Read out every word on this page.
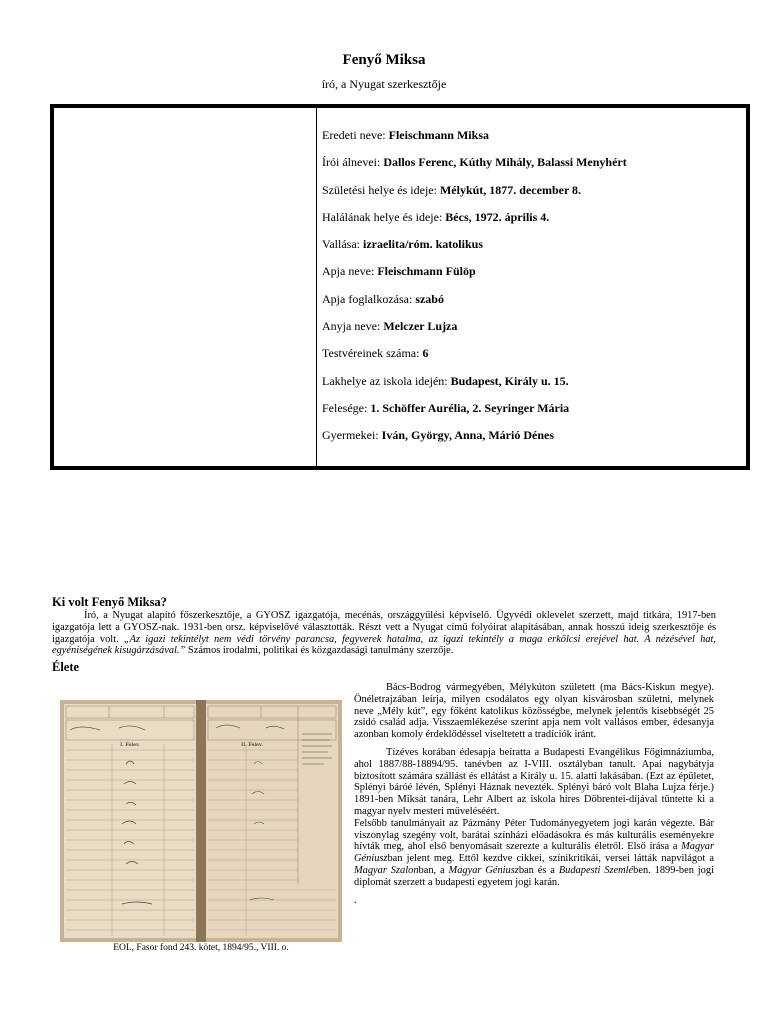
Fenyő Miksa
író, a Nyugat szerkesztője
Eredeti neve: Fleischmann Miksa
Írói álnevei: Dallos Ferenc, Kúthy Mihály, Balassi Menyhért
Születési helye és ideje: Mélykút, 1877. december 8.
Halálának helye és ideje: Bécs, 1972. április 4.
Vallása: izraelita/róm. katolikus
Apja neve: Fleischmann Fülöp
Apja foglalkozása: szabó
Anyja neve: Melczer Lujza
Testvéreinek száma: 6
Lakhelye az iskola idején: Budapest, Király u. 15.
Felesége: 1. Schöffer Aurélia, 2. Seyringer Mária
Gyermekei: Iván, György, Anna, Márió Dénes
Ki volt Fenyő Miksa?

Író, a Nyugat alapító főszerkesztője, a GYOSZ igazgatója, mecénás, országgyűlési képviselő. Ügyvédi oklevelet szerzett, majd titkára, 1917-ben igazgatója lett a GYOSZ-nak. 1931-ben orsz. képviselővé választották. Részt vett a Nyugat című folyóirat alapításában, annak hosszú ideig szerkesztője és igazgatója volt. „Az igazi tekintélyt nem védi törvény parancsa, fegyverek hatalma, az igazi tekintély a maga erkölcsi erejével hat. A nézésével hat, egyéniségének kisugárzásával.” Számos irodalmi, politikai és közgazdasági tanulmány szerzője.

Élete
I. Felev.	II. Felev.
EOL, Fasor fond 243. kötet, 1894/95., VIII. o.

Bács-Bodrog vármegyében, Mélykúton született (ma Bács-Kiskun megye). Önéletrajzában leírja, milyen csodálatos egy olyan kisvárosban születni, melynek neve „Mély kút”, egy főként katolikus közösségbe, melynek jelentős kisebbségét 25 zsidó család adja. Visszaemlékezése szerint apja nem volt vallásos ember, édesanyja azonban komoly érdeklődéssel viseltetett a tradíciók iránt.

Tízéves korában édesapja beíratta a Budapesti Evangélikus Főgimnáziumba, ahol 1887/88-18894/95. tanévben az I-VIII. osztályban tanult. Apai nagybátyja biztosított számára szállást és ellátást a Király u. 15. alatti lakásában. (Ezt az épületet, Splényi báróé lévén, Splényi Háznak nevezték. Splényi báró volt Blaha Lujza férje.) 1891-ben Miksát tanára, Lehr Albert az iskola híres Döbrentei-díjával tüntette ki a magyar nyelv mesteri műveléséért.

Felsőbb tanulmányait az Pázmány Péter Tudományegyetem jogi karán végezte. Bár viszonylag szegény volt, barátai színházi előadásokra és más kulturális eseményekre hívták meg, ahol első benyomásait szerezte a kulturális életről. Első írása a Magyar Géniuszban jelent meg. Ettől kezdve cikkei, színikritikái, versei látták napvilágot a Magyar Szalonban, a Magyar Géniuszban és a Budapesti Szemlében. 1899-ben jogi diplomát szerzett a budapesti egyetem jogi karán.

.
